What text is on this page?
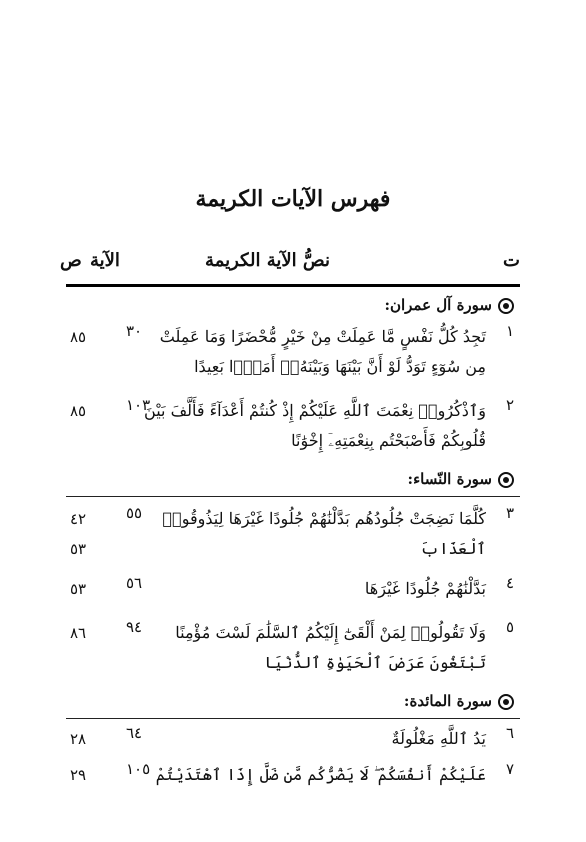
فهرس الآيات الكريمة
ت
نصُّ الآية الكريمة
الآية
ص
سورة آل عمران:
١
تَجِدُ كُلُّ نَفْسٍ مَّا عَمِلَتْ مِنْ خَيْرٍ مُّحْضَرًا وَمَا عَمِلَتْ
مِن سُوٓءٍ تَوَدُّ لَوْ أَنَّ بَيْنَهَا وَبَيْنَهُۥٓ أَمَدًۢا بَعِيدًا
٣٠
٨٥
٢
وَٱذْكُرُوا۟ نِعْمَتَ ٱللَّهِ عَلَيْكُمْ إِذْ كُنتُمْ أَعْدَآءً فَأَلَّفَ بَيْنَ
قُلُوبِكُمْ فَأَصْبَحْتُم بِنِعْمَتِهِۦٓ إِخْوَٰنًا
١٠٣
٨٥
سورة النّساء:
٣
كُلَّمَا نَضِجَتْ جُلُودُهُم بَدَّلْنَٰهُمْ جُلُودًا غَيْرَهَا لِيَذُوقُوا۟
ٱلْعَذَابَ
٥٥
٤٢
٥٣
٤
بَدَّلْنَٰهُمْ جُلُودًا غَيْرَهَا
٥٦
٥٣
٥
وَلَا تَقُولُوا۟ لِمَنْ أَلْقَىٰٓ إِلَيْكُمُ ٱلسَّلَٰمَ لَسْتَ مُؤْمِنًا
تَبْتَغُونَ عَرَضَ ٱلْحَيَوٰةِ ٱلدُّنْيَا
٩٤
٨٦
سورة المائدة:
٦
يَدُ ٱللَّهِ مَغْلُولَةٌ
٦٤
٢٨
٧
عَلَيْكُمْ أَنفُسَكُمْ ۖ لَا يَضُرُّكُم مَّن ضَلَّ إِذَا ٱهْتَدَيْتُمْ
١٠٥
٢٩
